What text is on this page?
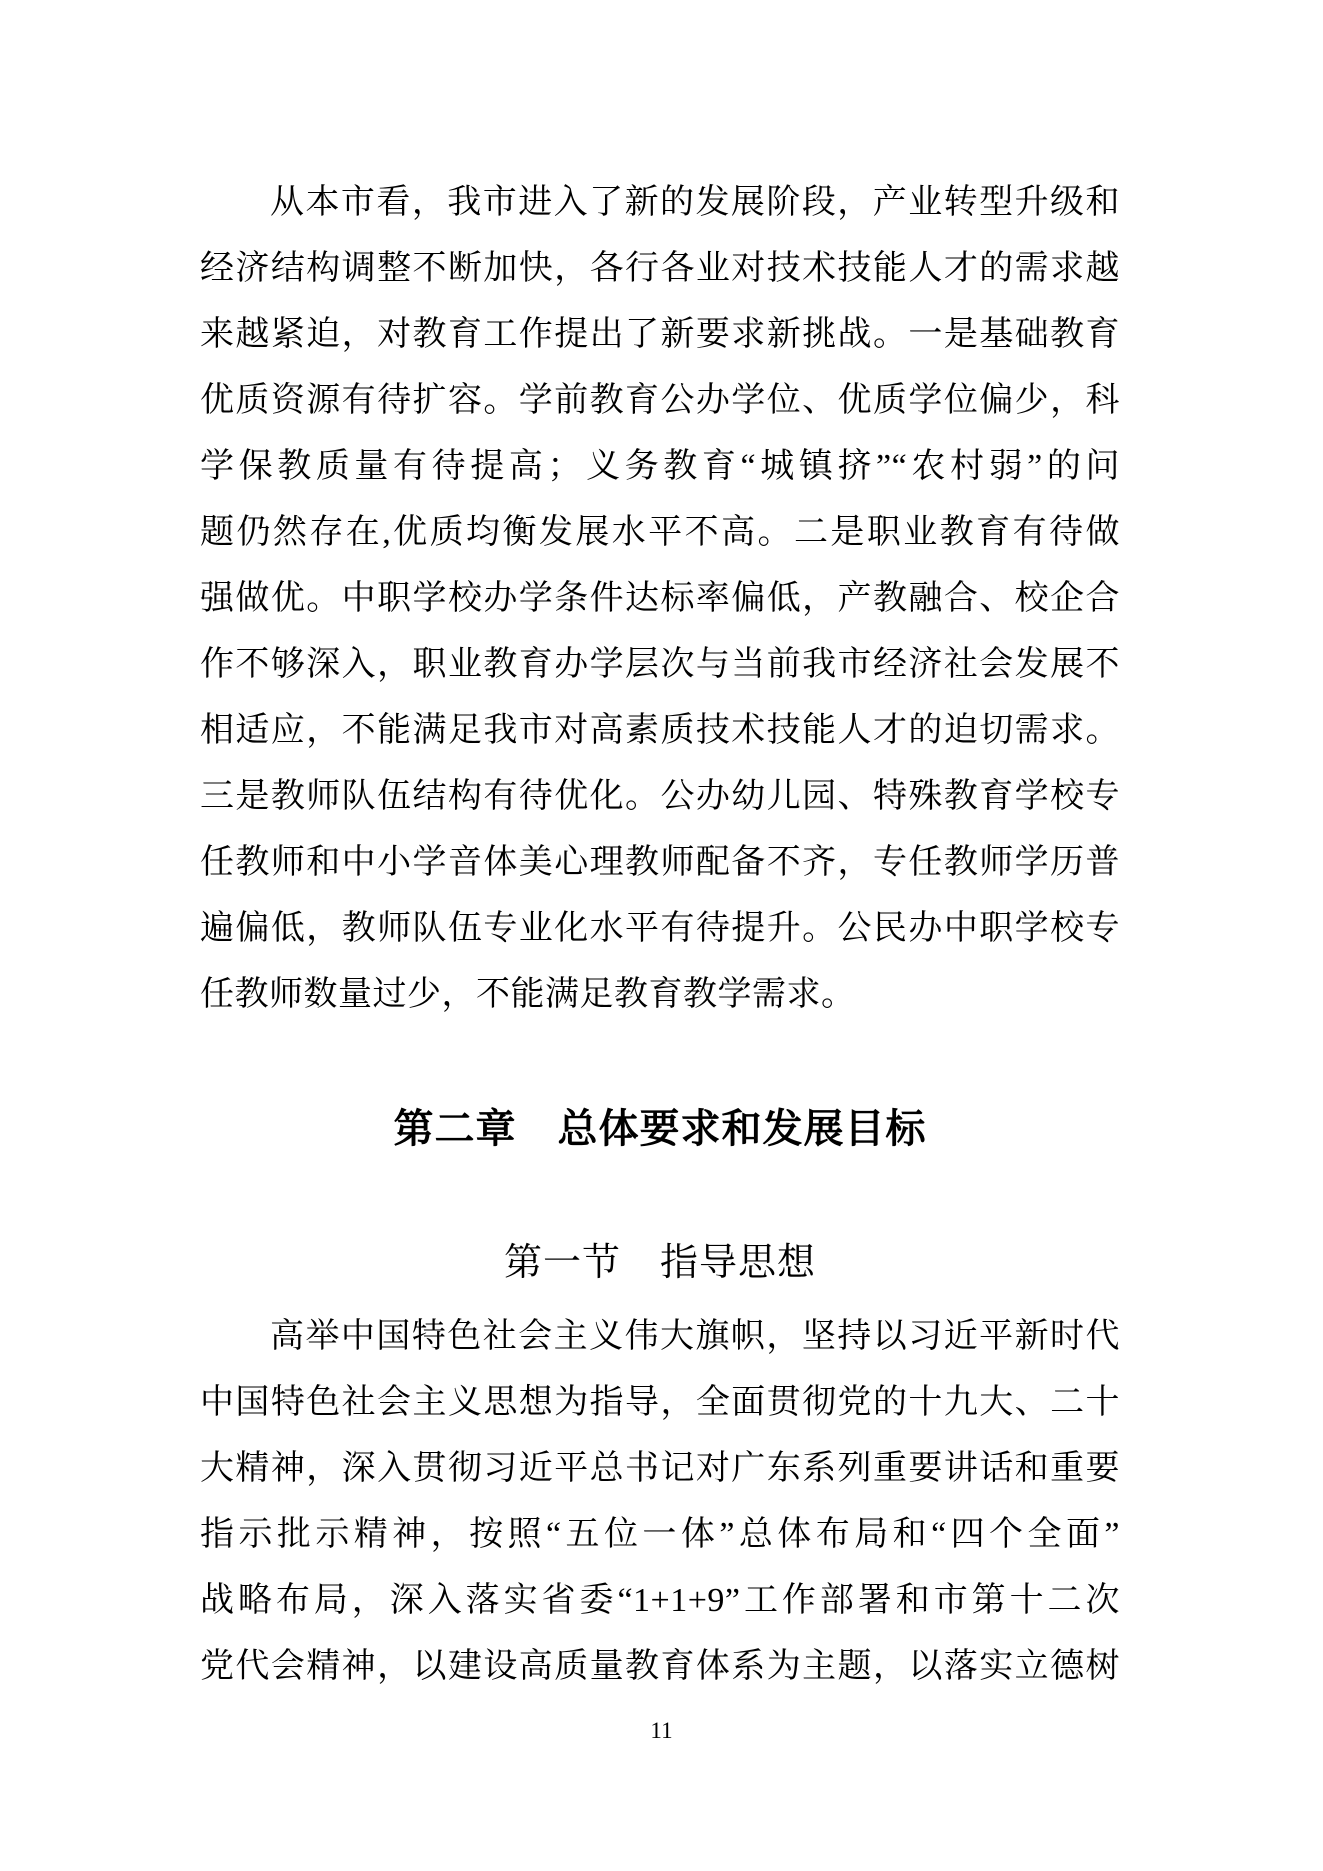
从本市看，我市进入了新的发展阶段，产业转型升级和
经济结构调整不断加快，各行各业对技术技能人才的需求越
来越紧迫，对教育工作提出了新要求新挑战。一是基础教育
优质资源有待扩容。学前教育公办学位、优质学位偏少，科
学保教质量有待提高；义务教育“城镇挤”“农村弱”的问
题仍然存在,优质均衡发展水平不高。二是职业教育有待做
强做优。中职学校办学条件达标率偏低，产教融合、校企合
作不够深入，职业教育办学层次与当前我市经济社会发展不
相适应，不能满足我市对高素质技术技能人才的迫切需求。
三是教师队伍结构有待优化。公办幼儿园、特殊教育学校专
任教师和中小学音体美心理教师配备不齐，专任教师学历普
遍偏低，教师队伍专业化水平有待提升。公民办中职学校专
任教师数量过少，不能满足教育教学需求。
第二章　总体要求和发展目标
第一节　指导思想
高举中国特色社会主义伟大旗帜，坚持以习近平新时代
中国特色社会主义思想为指导，全面贯彻党的十九大、二十
大精神，深入贯彻习近平总书记对广东系列重要讲话和重要
指示批示精神，按照“五位一体”总体布局和“四个全面”
战略布局，深入落实省委“1+1+9”工作部署和市第十二次
党代会精神，以建设高质量教育体系为主题，以落实立德树
11
